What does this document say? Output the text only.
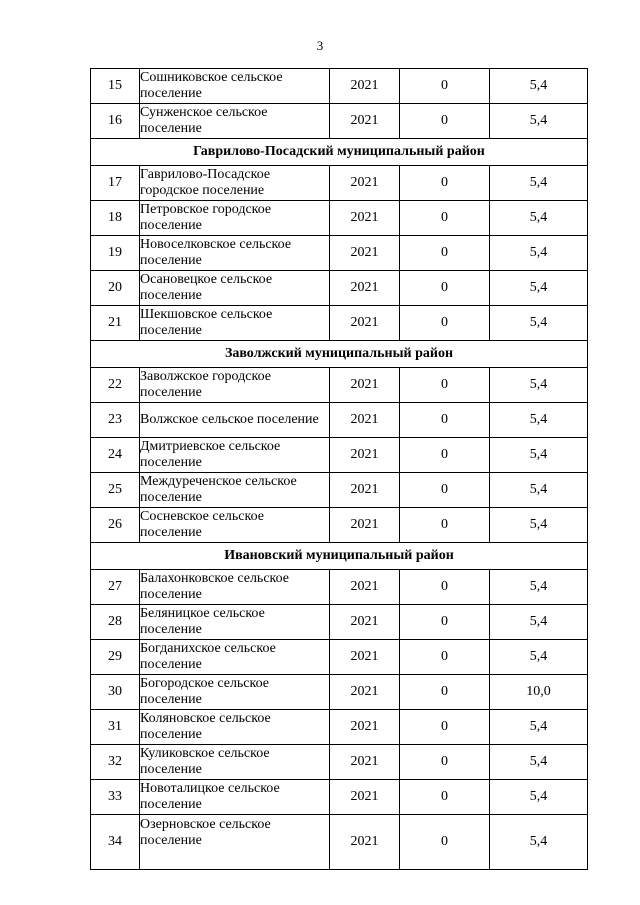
3
15	Сошниковское сельское поселение	2021	0	5,4
16	Сунженское сельское поселение	2021	0	5,4
Гаврилово-Посадский муниципальный район				
17	Гаврилово-Посадское городское поселение	2021	0	5,4
18	Петровское городское поселение	2021	0	5,4
19	Новоселковское сельское поселение	2021	0	5,4
20	Осановецкое сельское поселение	2021	0	5,4
21	Шекшовское сельское поселение	2021	0	5,4
Заволжский муниципальный район				
22	Заволжское городское поселение	2021	0	5,4
23	Волжское сельское поселение	2021	0	5,4
24	Дмитриевское сельское поселение	2021	0	5,4
25	Междуреченское сельское поселение	2021	0	5,4
26	Сосневское сельское поселение	2021	0	5,4
Ивановский муниципальный район				
27	Балахонковское сельское поселение	2021	0	5,4
28	Беляницкое сельское поселение	2021	0	5,4
29	Богданихское сельское поселение	2021	0	5,4
30	Богородское сельское поселение	2021	0	10,0
31	Коляновское сельское поселение	2021	0	5,4
32	Куликовское сельское поселение	2021	0	5,4
33	Новоталицкое сельское поселение	2021	0	5,4
34	Озерновское сельское поселение	2021	0	5,4
